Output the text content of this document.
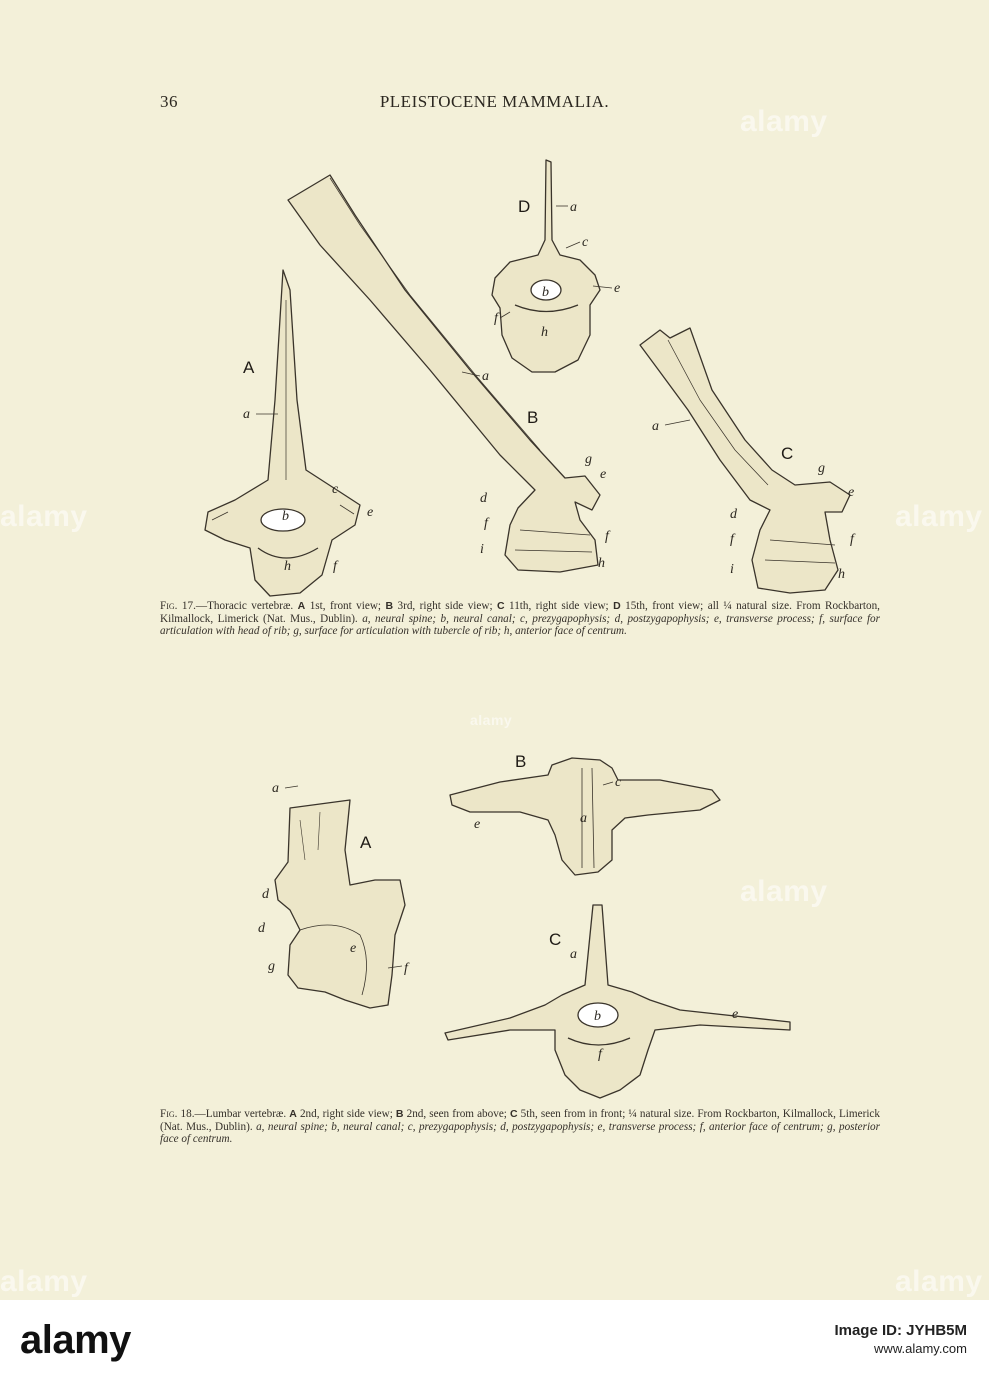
36	PLEISTOCENE MAMMALIA.
A
B
C
D
B
A
C
a
b
c
e
h	f
a
g
e
d
f
f
i
h
a
g
e
d
f	f
i	h
a
c
b	e
f
h
a
d
d
e
f
g
c
a
e
a
b	e
f
Fig. 17.—Thoracic vertebræ. A 1st, front view; B 3rd, right side view; C 11th, right side view; D 15th, front view; all ¼ natural size. From Rockbarton, Kilmallock, Limerick (Nat. Mus., Dublin). a, neural spine; b, neural canal; c, prezygapophysis; d, postzygapophysis; e, transverse process; f, surface for articulation with head of rib; g, surface for articulation with tubercle of rib; h, anterior face of centrum.
Fig. 18.—Lumbar vertebræ. A 2nd, right side view; B 2nd, seen from above; C 5th, seen from in front; ¼ natural size. From Rockbarton, Kilmallock, Limerick (Nat. Mus., Dublin). a, neural spine; b, neural canal; c, prezygapophysis; d, postzygapophysis; e, transverse process; f, anterior face of centrum; g, posterior face of centrum.
alamy
alamy	alamy
alamy
alamy	alamy
alamy
alamy	Image ID: JYHB5M
www.alamy.com
